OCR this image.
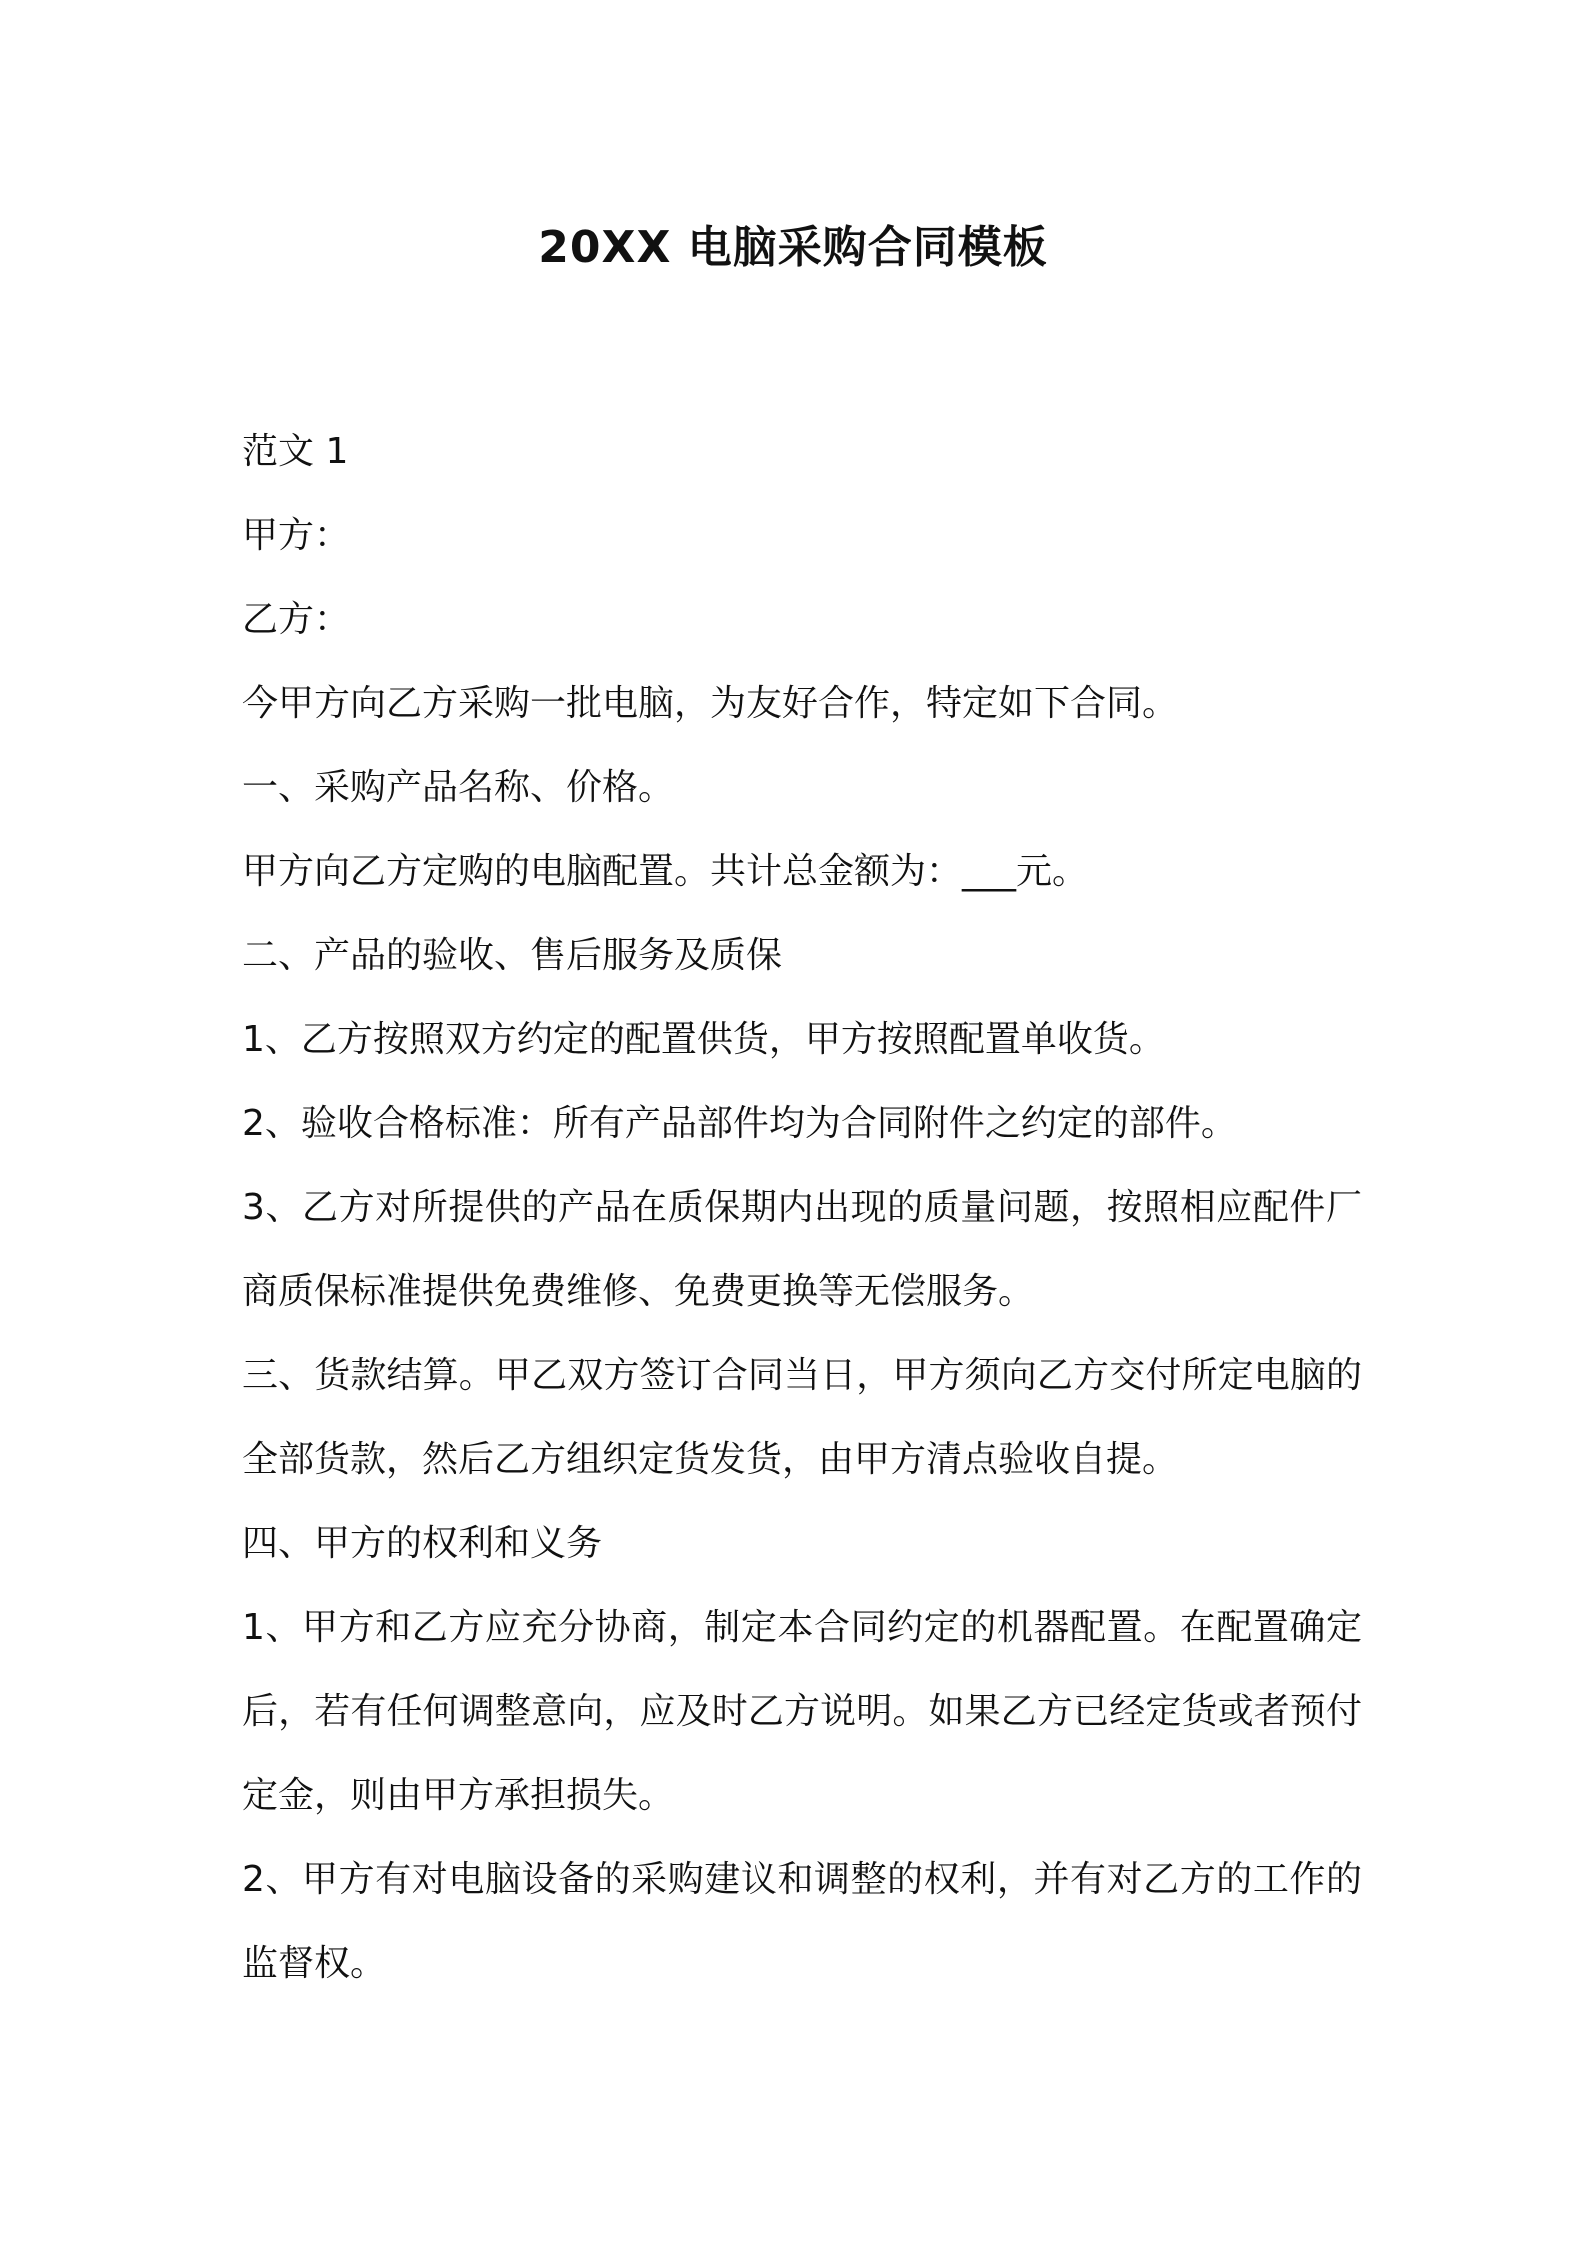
20XX 电脑采购合同模板

范文 1

甲方：

乙方：

今甲方向乙方采购一批电脑，为友好合作，特定如下合同。

一、采购产品名称、价格。

甲方向乙方定购的电脑配置。共计总金额为：___元。

二、产品的验收、售后服务及质保

1、乙方按照双方约定的配置供货，甲方按照配置单收货。

2、验收合格标准：所有产品部件均为合同附件之约定的部件。

3、乙方对所提供的产品在质保期内出现的质量问题，按照相应配件厂商质保标准提供免费维修、免费更换等无偿服务。

三、货款结算。甲乙双方签订合同当日，甲方须向乙方交付所定电脑的全部货款，然后乙方组织定货发货，由甲方清点验收自提。

四、甲方的权利和义务

1、甲方和乙方应充分协商，制定本合同约定的机器配置。在配置确定后，若有任何调整意向，应及时乙方说明。如果乙方已经定货或者预付定金，则由甲方承担损失。

2、甲方有对电脑设备的采购建议和调整的权利，并有对乙方的工作的监督权。
